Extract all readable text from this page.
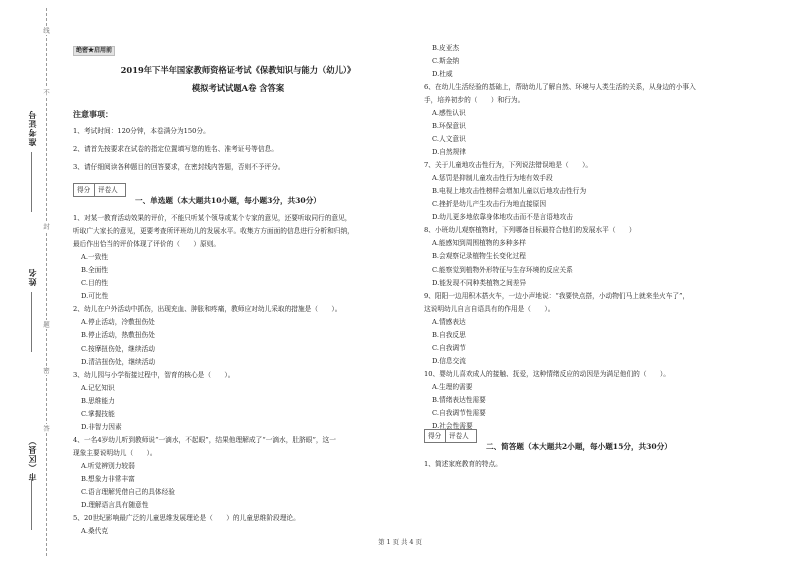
准考证号
姓名
市（区县）
线
不
封
题
密
答
绝密★启用前
2019年下半年国家教师资格证考试《保教知识与能力（幼儿）》
模拟考试试题A卷 含答案
注意事项：
1、考试时间：120分钟，本卷满分为150分。
2、请首先按要求在试卷的指定位置填写您的姓名、准考证号等信息。
3、请仔细阅读各种题目的回答要求，在密封线内答题，否则不予评分。
得分	评卷人
一、单选题（本大题共10小题，每小题3分，共30分）
1、对某一教育活动效果的评价，不能只听某个领导或某个专家的意见，还要听取同行的意见，
听取广大家长的意见，更要考查所评班幼儿的发展水平。收集方方面面的信息进行分析和归纳，
最后作出恰当的评价体现了评价的（　　）原则。
A.一致性
B.全面性
C.目的性
D.可比性
2、幼儿在户外活动中抓伤，出现充血、肿胀和疼痛，教师应对幼儿采取的措施是（　　）。
A.停止活动，冷敷扭伤处
B.停止活动，热敷扭伤处
C.按摩扭伤处，继续活动
D.清洁扭伤处，继续活动
3、幼儿园与小学衔接过程中，智育的核心是（　　）。
A.记忆知识
B.思维能力
C.掌握技能
D.非智力因素
4、一名4岁幼儿听到教师说“一滴水，不起眼”，结果他理解成了“一滴水，肚脐眼”，这一
现象主要说明幼儿（　　）。
A.听觉辨别力较弱
B.想象力非常丰富
C.语言理解凭借自己的具体经验
D.理解语言具有随意性
5、20世纪影响最广泛的儿童思维发展理论是（　　）的儿童思维阶段理论。
A.桑代克
B.皮亚杰
C.斯金纳
D.杜威
6、在幼儿生活经验的基础上，帮助幼儿了解自然、环境与人类生活的关系，从身边的小事入
手，培养初步的（　　）和行为。
A.感性认识
B.环保意识
C.人文意识
D.自然规律
7、关于儿童地攻击性行为，下列说法错误地是（　　）。
A.惩罚是抑制儿童攻击性行为地有效手段
B.电视上地攻击性榜样会增加儿童以后地攻击性行为
C.挫折是幼儿产生攻击行为地直接原因
D.幼儿更多地依靠身体地攻击而不是言语地攻击
8、小班幼儿观察植物时，下列哪备目标最符合他们的发展水平（　　）
A.能感知到周围植物的多种多样
B.会观察记录植物生长变化过程
C.能察觉到植物外形特征与生存环境的反应关系
D.能发现不同种类植物之间差异
9、阳阳一边用积木搭火车，一边小声地说：“我要快点搭，小动物们马上就来坐火车了”，
这说明幼儿自言自语具有的作用是（　　）。
A.情感表达
B.自我反思
C.自我调节
D.信息交流
10、婴幼儿喜欢成人的接触、抚爱，这种情绪反应的动因是为满足他们的（　　）。
A.生理的需要
B.情绪表达性需要
C.自我调节性需要
D.社会性需要
得分	评卷人
二、简答题（本大题共2小题，每小题15分，共30分）
1、简述家庭教育的特点。
第 1 页 共 4 页
